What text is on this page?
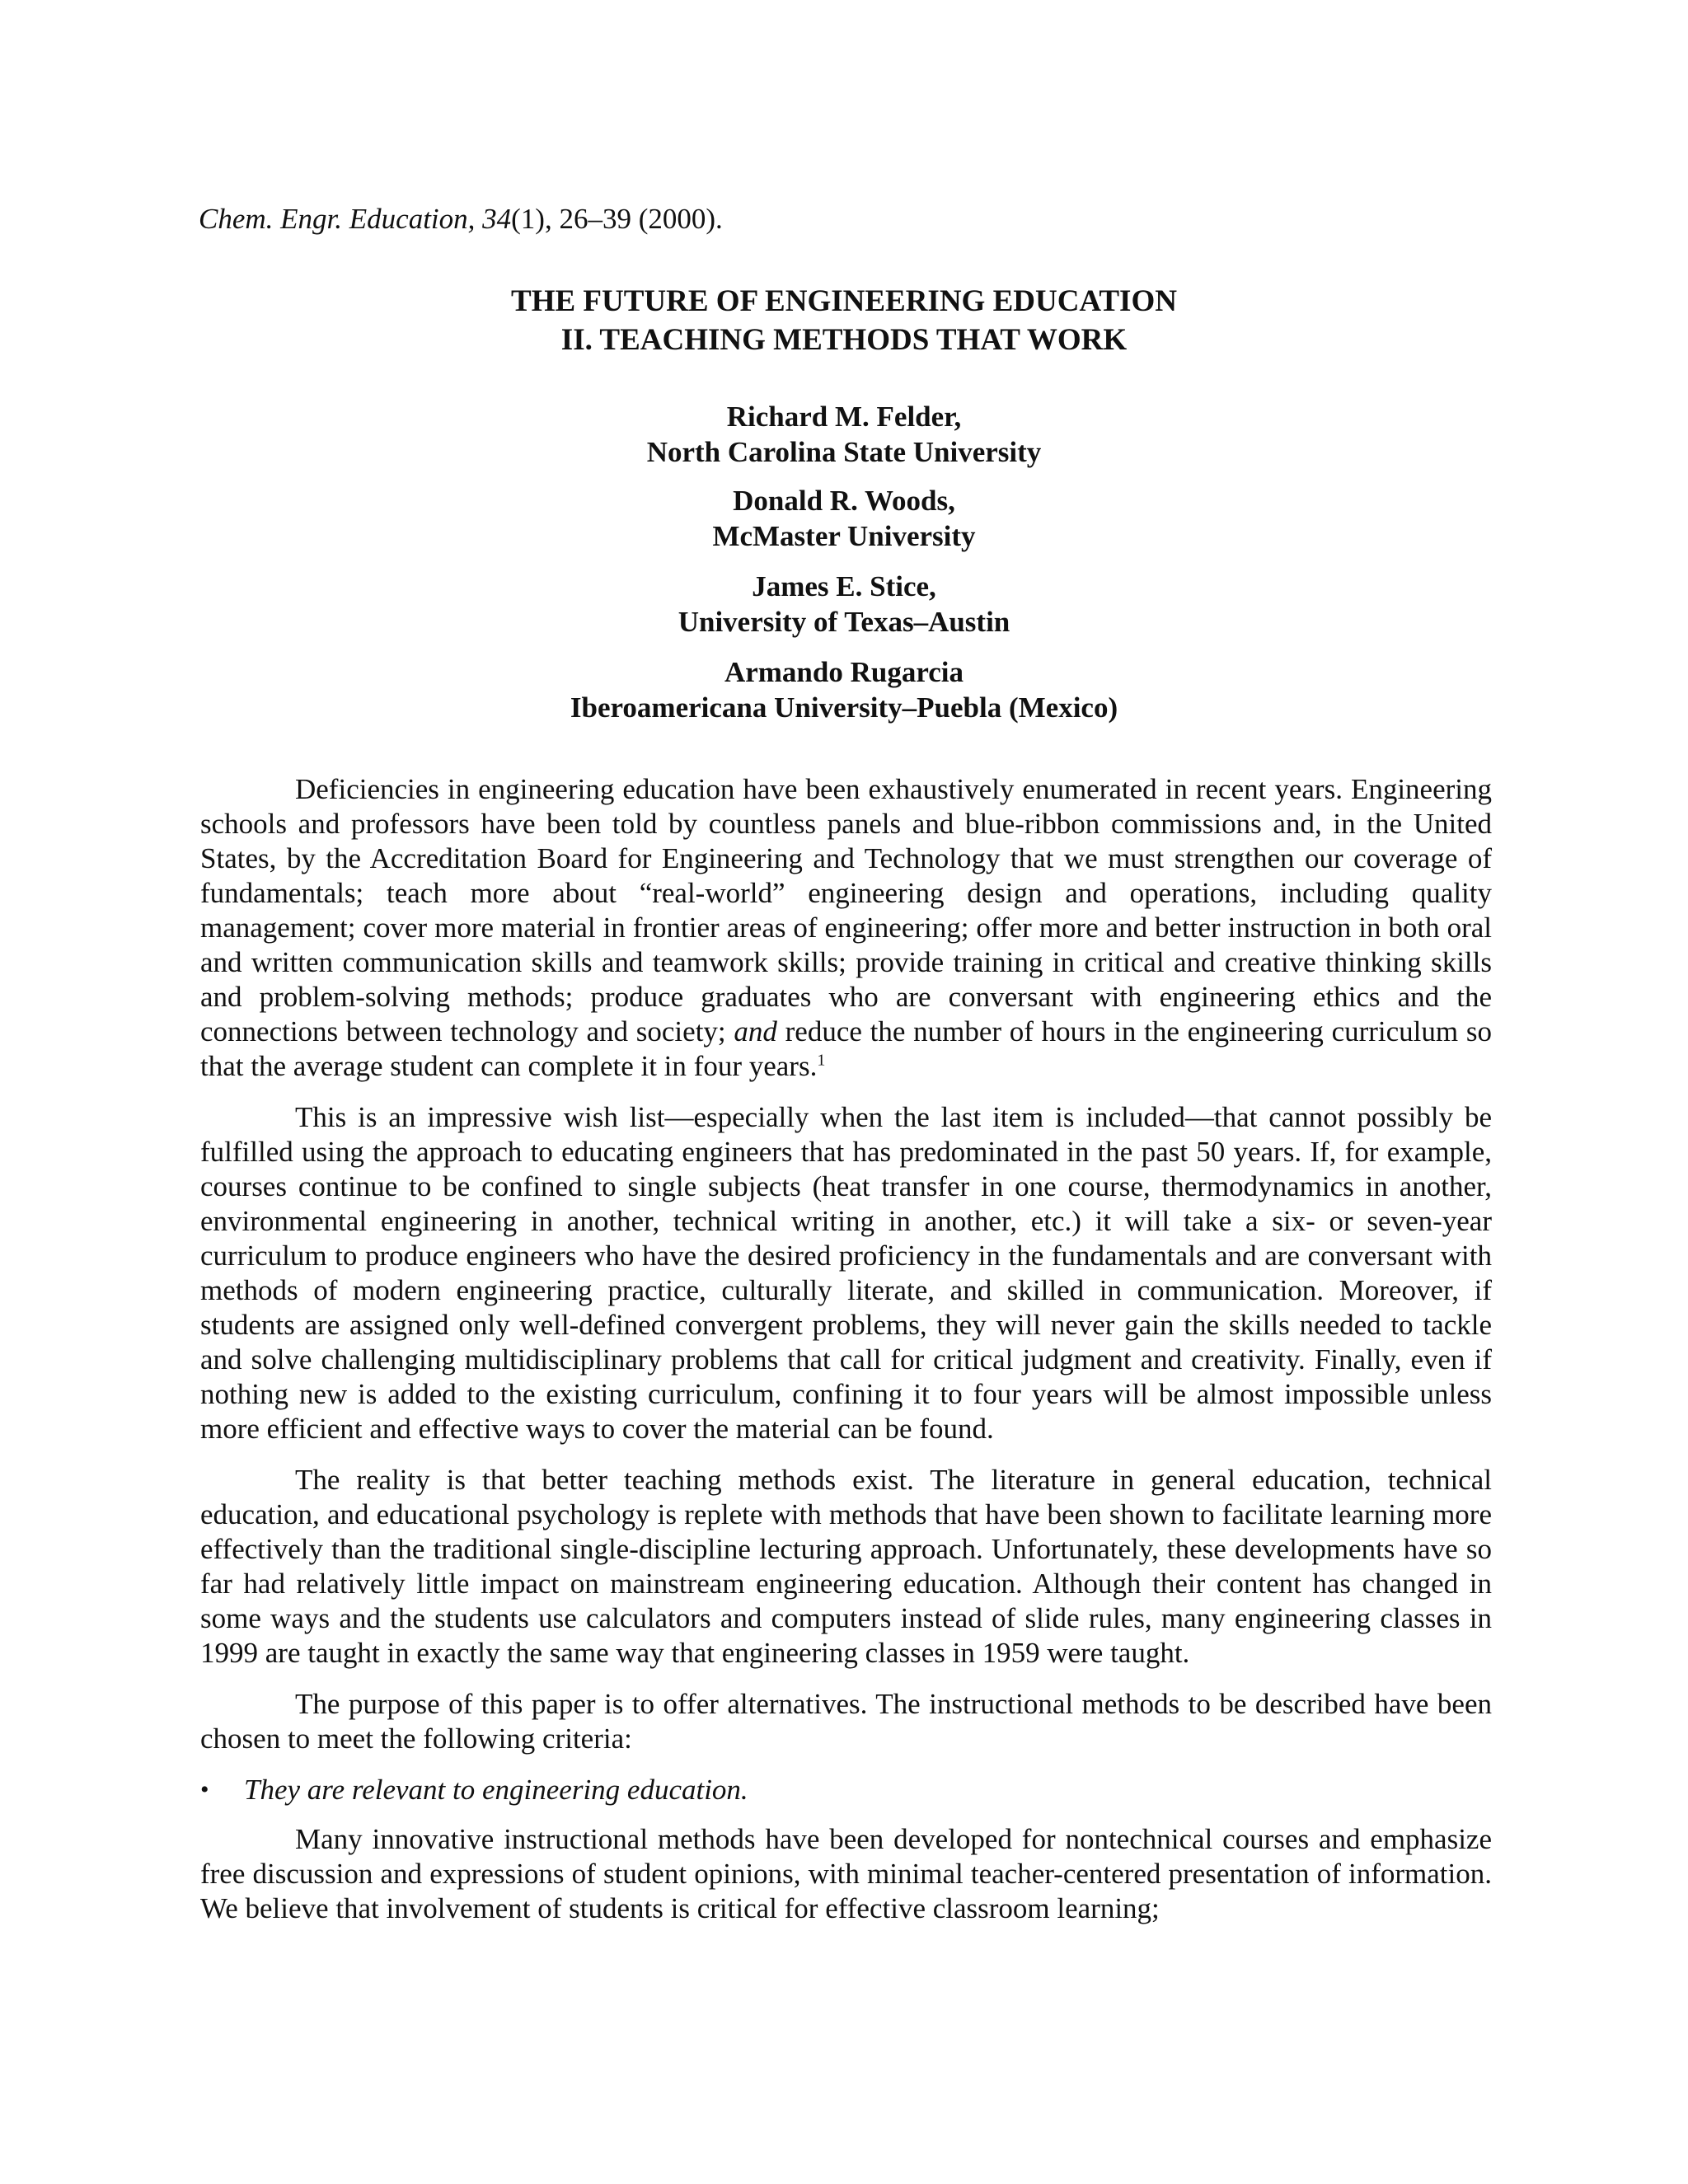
Chem. Engr. Education, 34(1), 26–39 (2000).
THE FUTURE OF ENGINEERING EDUCATION
II. TEACHING METHODS THAT WORK
Richard M. Felder,
North Carolina State University
Donald R. Woods,
McMaster University
James E. Stice,
University of Texas–Austin
Armando Rugarcia
Iberoamericana University–Puebla (Mexico)

Deficiencies in engineering education have been exhaustively enumerated in recent years. Engineering schools and professors have been told by countless panels and blue-ribbon commissions and, in the United States, by the Accreditation Board for Engineering and Technology that we must strengthen our coverage of fundamentals; teach more about “real-world” engineering design and operations, including quality management; cover more material in frontier areas of engineering; offer more and better instruction in both oral and written communication skills and teamwork skills; provide training in critical and creative thinking skills and problem-solving methods; produce graduates who are conversant with engineering ethics and the connections between technology and society; and reduce the number of hours in the engineering curriculum so that the average student can complete it in four years.$^1$

This is an impressive wish list—especially when the last item is included—that cannot possibly be fulfilled using the approach to educating engineers that has predominated in the past 50 years. If, for example, courses continue to be confined to single subjects (heat transfer in one course, thermodynamics in another, environmental engineering in another, technical writing in another, etc.) it will take a six- or seven-year curriculum to produce engineers who have the desired proficiency in the fundamentals and are conversant with methods of modern engineering practice, culturally literate, and skilled in communication. Moreover, if students are assigned only well-defined convergent problems, they will never gain the skills needed to tackle and solve challenging multidisciplinary problems that call for critical judgment and creativity. Finally, even if nothing new is added to the existing curriculum, confining it to four years will be almost impossible unless more efficient and effective ways to cover the material can be found.

The reality is that better teaching methods exist. The literature in general education, technical education, and educational psychology is replete with methods that have been shown to facilitate learning more effectively than the traditional single-discipline lecturing approach. Unfortunately, these developments have so far had relatively little impact on mainstream engineering education. Although their content has changed in some ways and the students use calculators and computers instead of slide rules, many engineering classes in 1999 are taught in exactly the same way that engineering classes in 1959 were taught.

The purpose of this paper is to offer alternatives. The instructional methods to be described have been chosen to meet the following criteria:

• They are relevant to engineering education.

Many innovative instructional methods have been developed for nontechnical courses and emphasize free discussion and expressions of student opinions, with minimal teacher-centered presentation of information. We believe that involvement of students is critical for effective classroom learning;
